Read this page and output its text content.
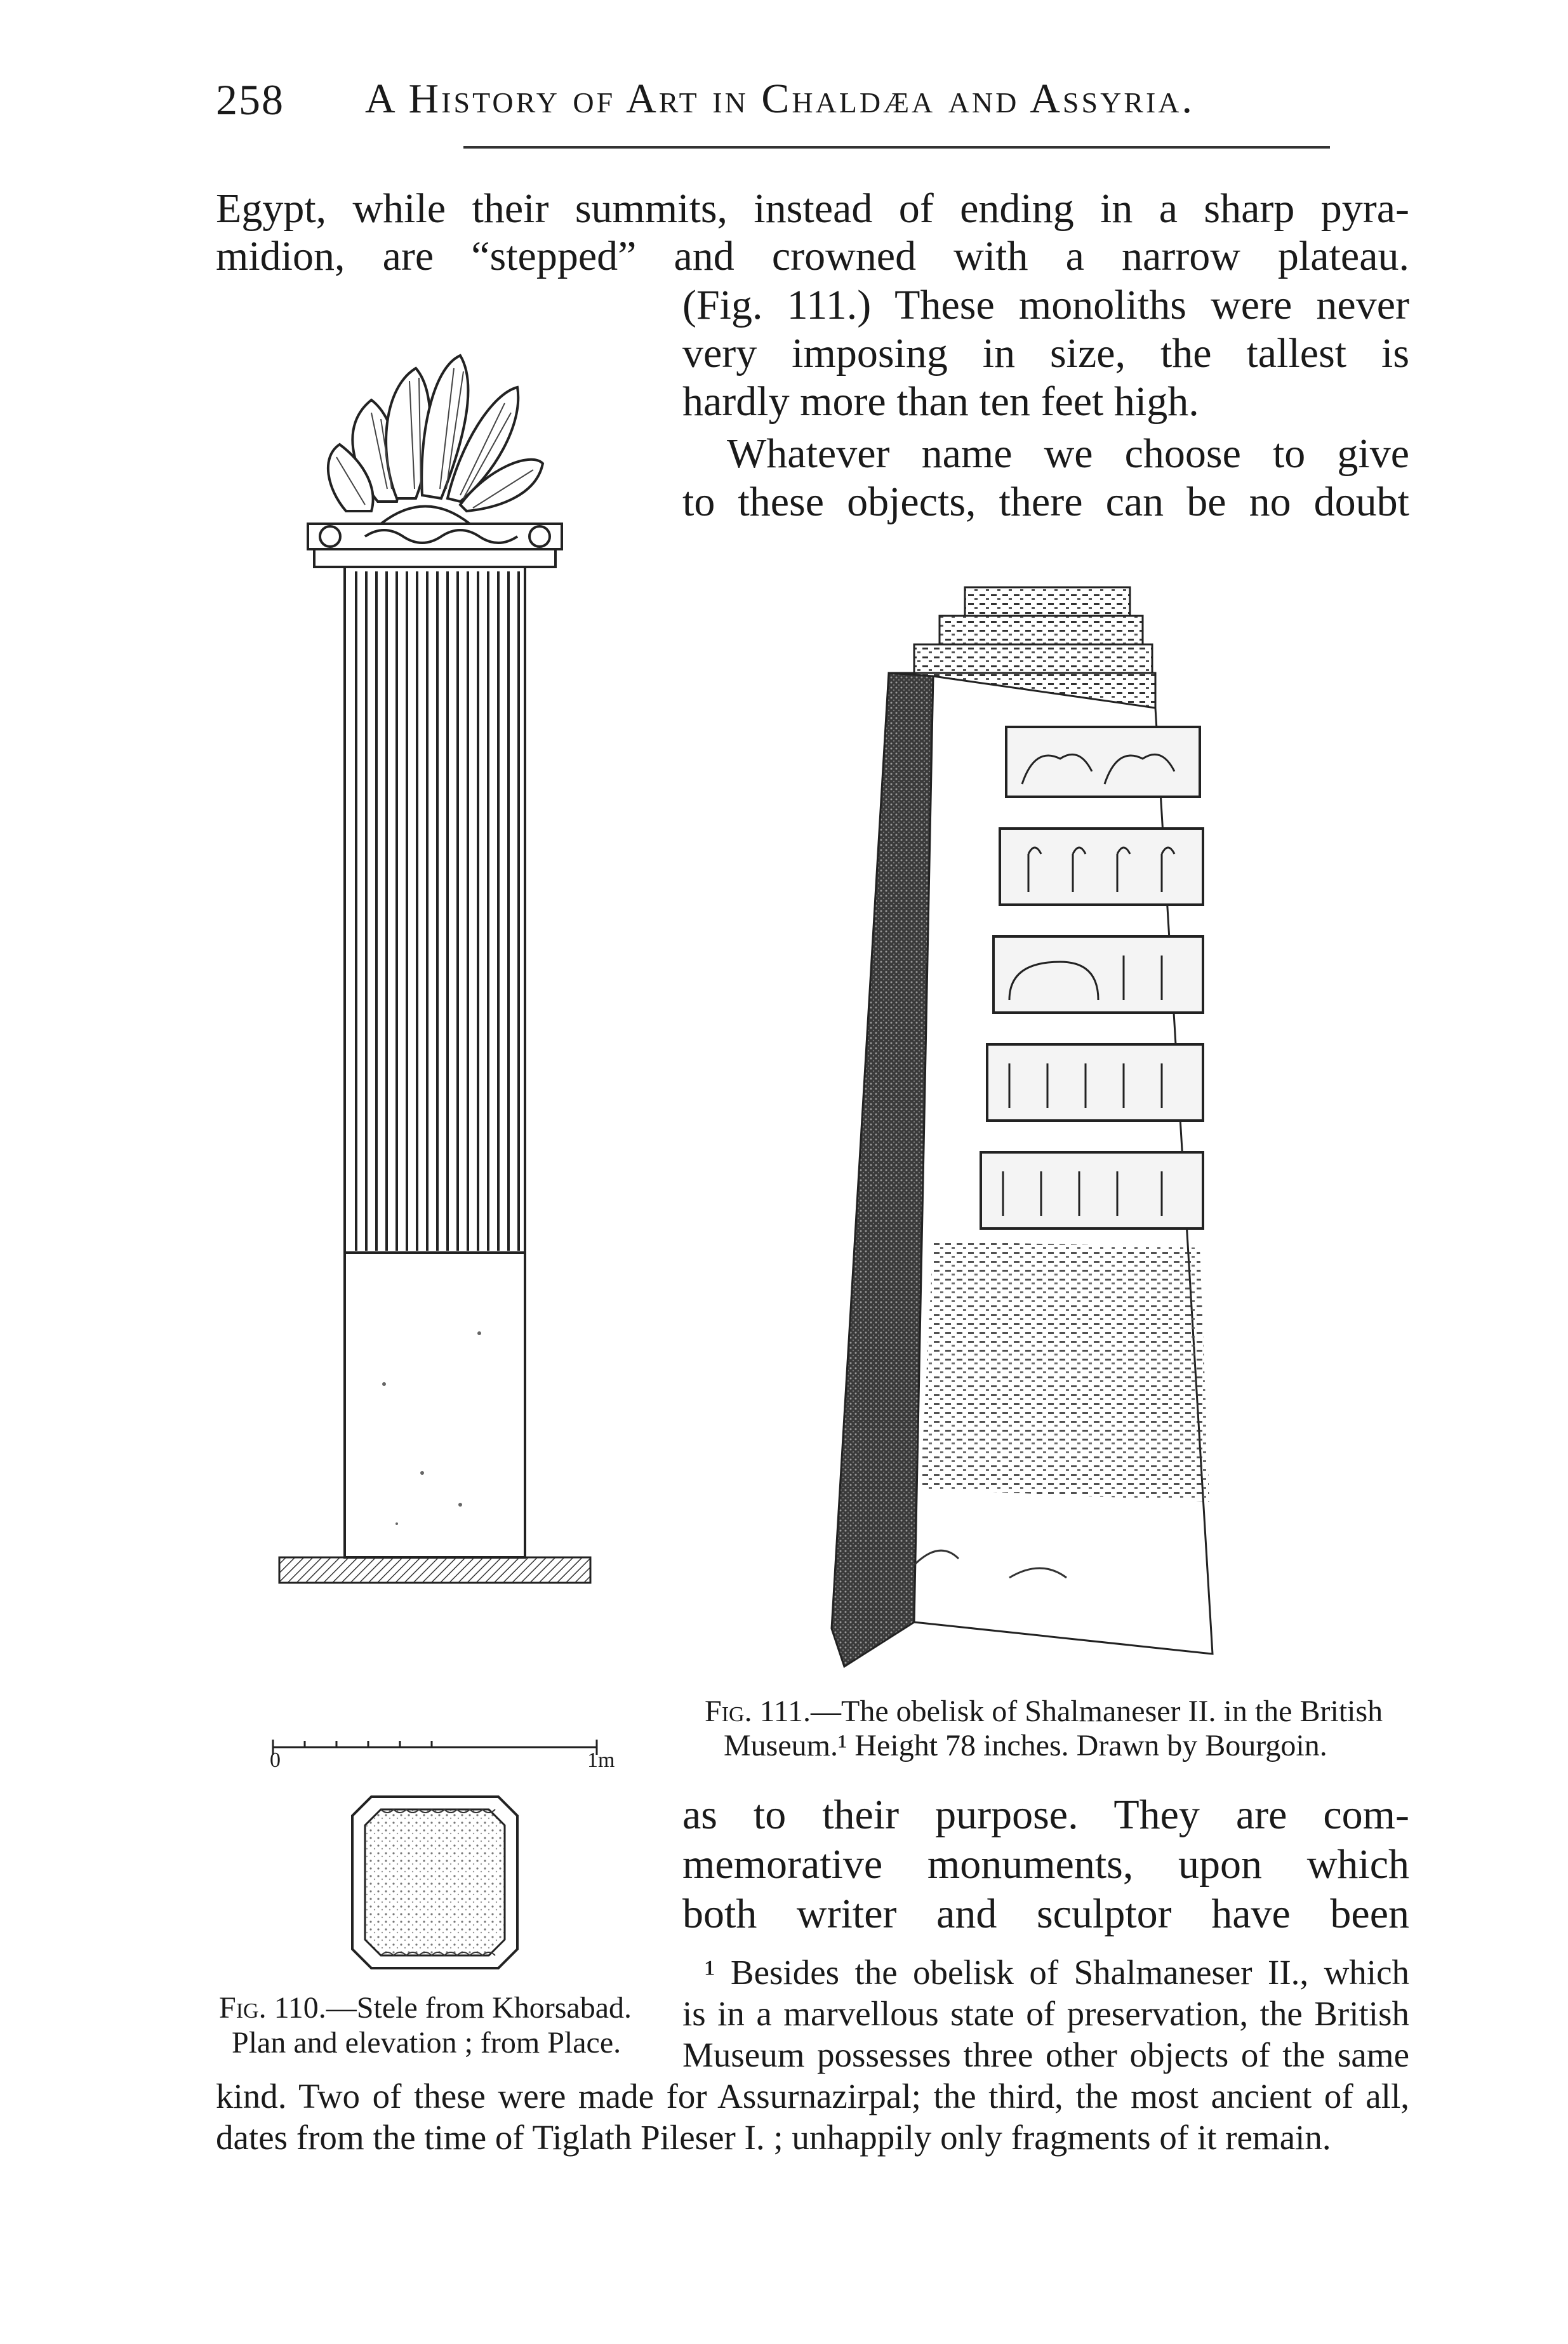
258 A History of Art in Chaldæa and Assyria.
Egypt, while their summits, instead of ending in a sharp pyra-
midion, are “stepped” and crowned with a narrow plateau.
(Fig. 111.) These monoliths were never
very imposing in size, the tallest is
hardly more than ten feet high.
Whatever name we choose to give
to these objects, there can be no doubt
0	1m
Fig. 110.—Stele from Khorsabad.
Plan and elevation ; from Place.
Fig. 111.—The obelisk of Shalmaneser II. in the British
Museum.¹ Height 78 inches. Drawn by Bourgoin.
as to their purpose. They are com-
memorative monuments, upon which
both writer and sculptor have been
¹ Besides the obelisk of Shalmaneser II., which
is in a marvellous state of preservation, the British
Museum possesses three other objects of the same
kind. Two of these were made for Assurnazirpal; the third, the most ancient of all,
dates from the time of Tiglath Pileser I. ; unhappily only fragments of it remain.
